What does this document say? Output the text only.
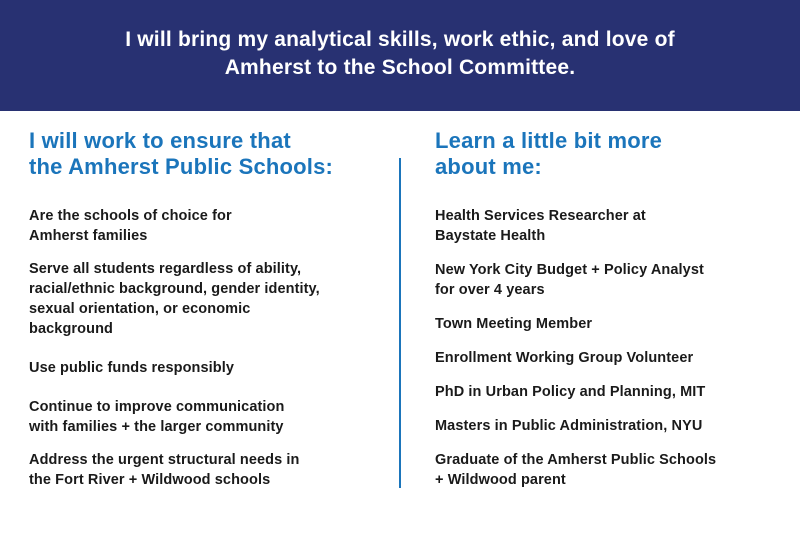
I will bring my analytical skills, work ethic, and love of
Amherst to the School Committee.
I will work to ensure that
the Amherst Public Schools:
Are the schools of choice for
Amherst families
Serve all students regardless of ability,
racial/ethnic background, gender identity,
sexual orientation, or economic
background
Use public funds responsibly
Continue to improve communication
with families + the larger community
Address the urgent structural needs in
the Fort River + Wildwood schools
Learn a little bit more
about me:
Health Services Researcher at
Baystate Health
New York City Budget + Policy Analyst
for over 4 years
Town Meeting Member
Enrollment Working Group Volunteer
PhD in Urban Policy and Planning, MIT
Masters in Public Administration, NYU
Graduate of the Amherst Public Schools
+ Wildwood parent
